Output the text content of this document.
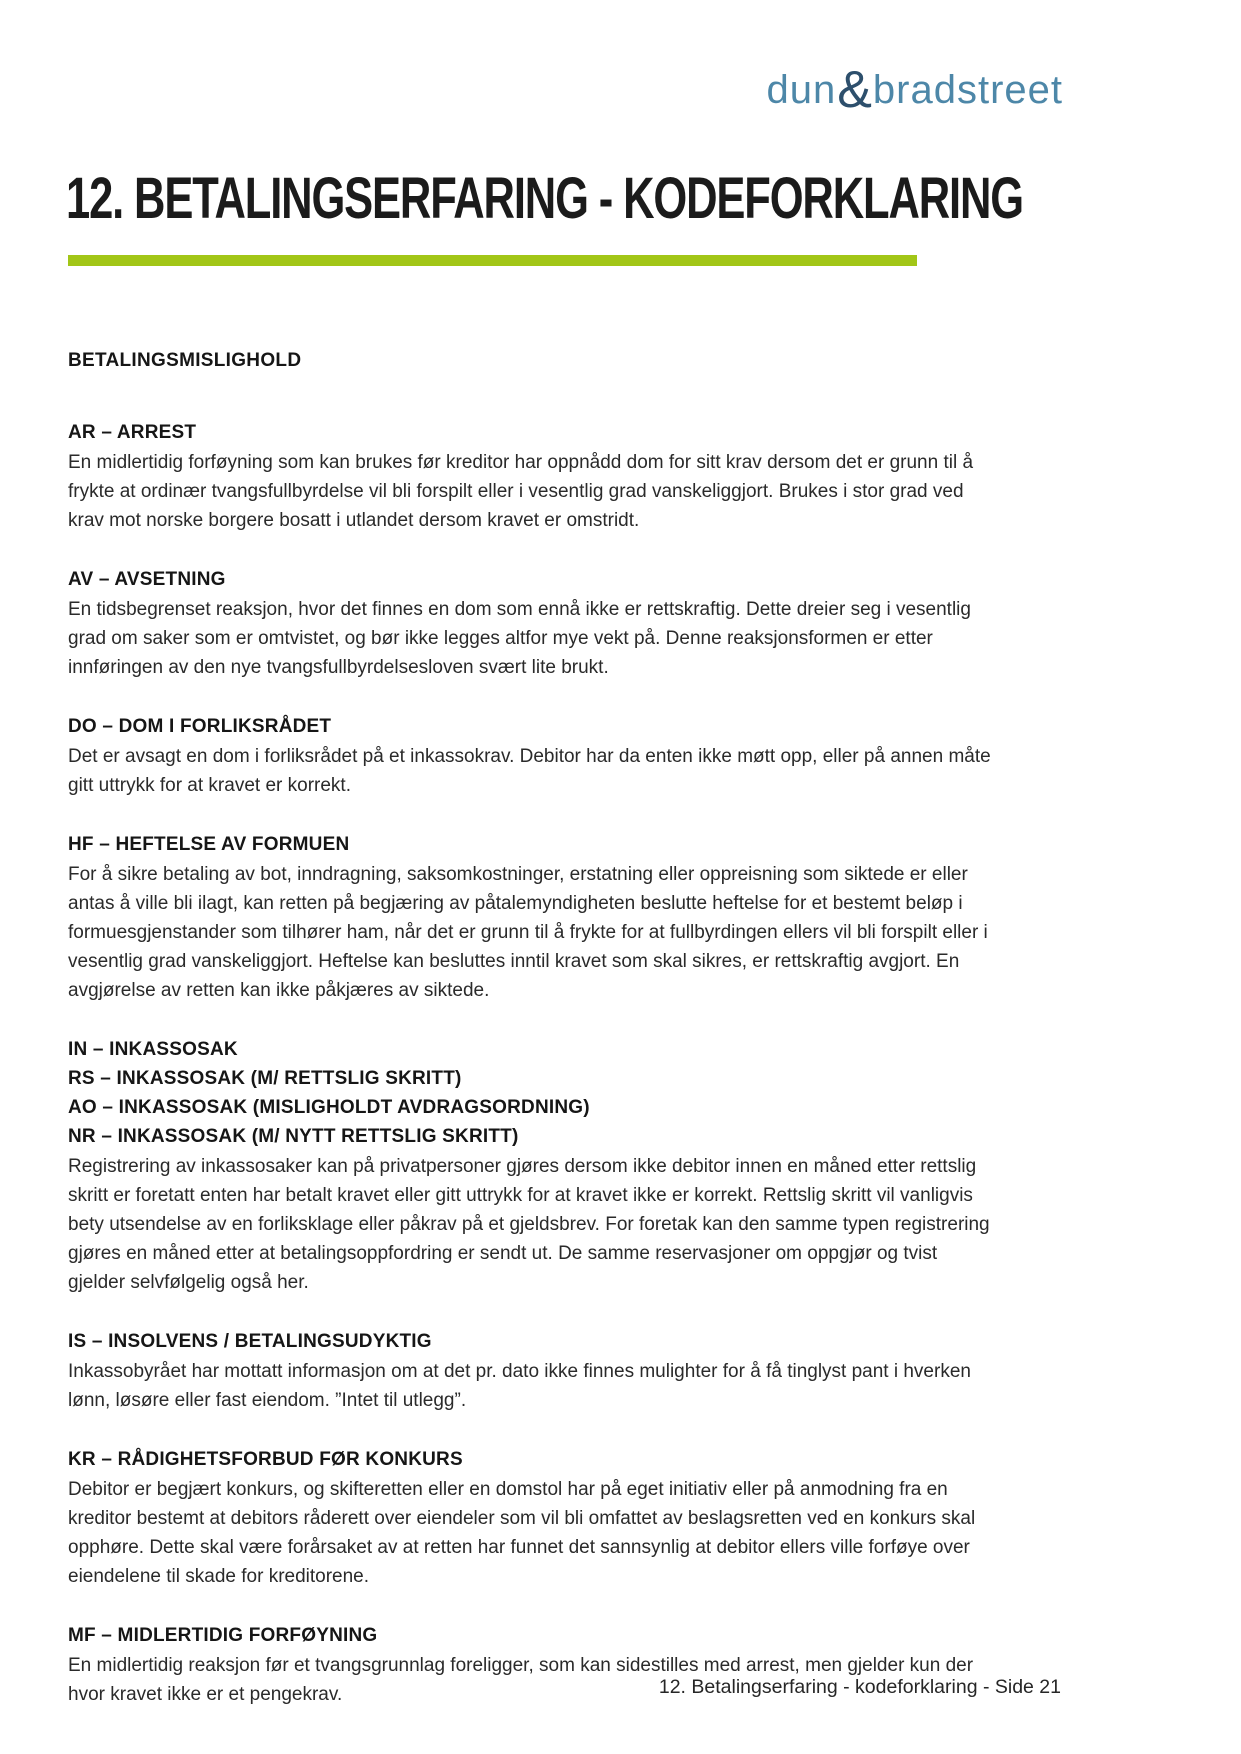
dun & bradstreet
12. BETALINGSERFARING - KODEFORKLARING
BETALINGSMISLIGHOLD
AR – ARREST

En midlertidig forføyning som kan brukes før kreditor har oppnådd dom for sitt krav dersom det er grunn til å frykte at ordinær tvangsfullbyrdelse vil bli forspilt eller i vesentlig grad vanskeliggjort. Brukes i stor grad ved krav mot norske borgere bosatt i utlandet dersom kravet er omstridt.

AV – AVSETNING

En tidsbegrenset reaksjon, hvor det finnes en dom som ennå ikke er rettskraftig. Dette dreier seg i vesentlig grad om saker som er omtvistet, og bør ikke legges altfor mye vekt på. Denne reaksjonsformen er etter innføringen av den nye tvangsfullbyrdelsesloven svært lite brukt.

DO – DOM I FORLIKSRÅDET

Det er avsagt en dom i forliksrådet på et inkassokrav. Debitor har da enten ikke møtt opp, eller på annen måte gitt uttrykk for at kravet er korrekt.

HF – HEFTELSE AV FORMUEN

For å sikre betaling av bot, inndragning, saksomkostninger, erstatning eller oppreisning som siktede er eller antas å ville bli ilagt, kan retten på begjæring av påtalemyndigheten beslutte heftelse for et bestemt beløp i formuesgjenstander som tilhører ham, når det er grunn til å frykte for at fullbyrdingen ellers vil bli forspilt eller i vesentlig grad vanskeliggjort. Heftelse kan besluttes inntil kravet som skal sikres, er rettskraftig avgjort. En avgjørelse av retten kan ikke påkjæres av siktede.

IN – INKASSOSAK
RS – INKASSOSAK (M/ RETTSLIG SKRITT)
AO – INKASSOSAK (MISLIGHOLDT AVDRAGSORDNING)
NR – INKASSOSAK (M/ NYTT RETTSLIG SKRITT)

Registrering av inkassosaker kan på privatpersoner gjøres dersom ikke debitor innen en måned etter rettslig skritt er foretatt enten har betalt kravet eller gitt uttrykk for at kravet ikke er korrekt. Rettslig skritt vil vanligvis bety utsendelse av en forliksklage eller påkrav på et gjeldsbrev. For foretak kan den samme typen registrering gjøres en måned etter at betalingsoppfordring er sendt ut. De samme reservasjoner om oppgjør og tvist gjelder selvfølgelig også her.

IS – INSOLVENS / BETALINGSUDYKTIG

Inkassobyrået har mottatt informasjon om at det pr. dato ikke finnes mulighter for å få tinglyst pant i hverken lønn, løsøre eller fast eiendom. ”Intet til utlegg”.

KR – RÅDIGHETSFORBUD FØR KONKURS

Debitor er begjært konkurs, og skifteretten eller en domstol har på eget initiativ eller på anmodning fra en kreditor bestemt at debitors råderett over eiendeler som vil bli omfattet av beslagsretten ved en konkurs skal opphøre. Dette skal være forårsaket av at retten har funnet det sannsynlig at debitor ellers ville forføye over eiendelene til skade for kreditorene.

MF – MIDLERTIDIG FORFØYNING

En midlertidig reaksjon før et tvangsgrunnlag foreligger, som kan sidestilles med arrest, men gjelder kun der hvor kravet ikke er et pengekrav.	12. Betalingserfaring - kodeforklaring - Side 21
